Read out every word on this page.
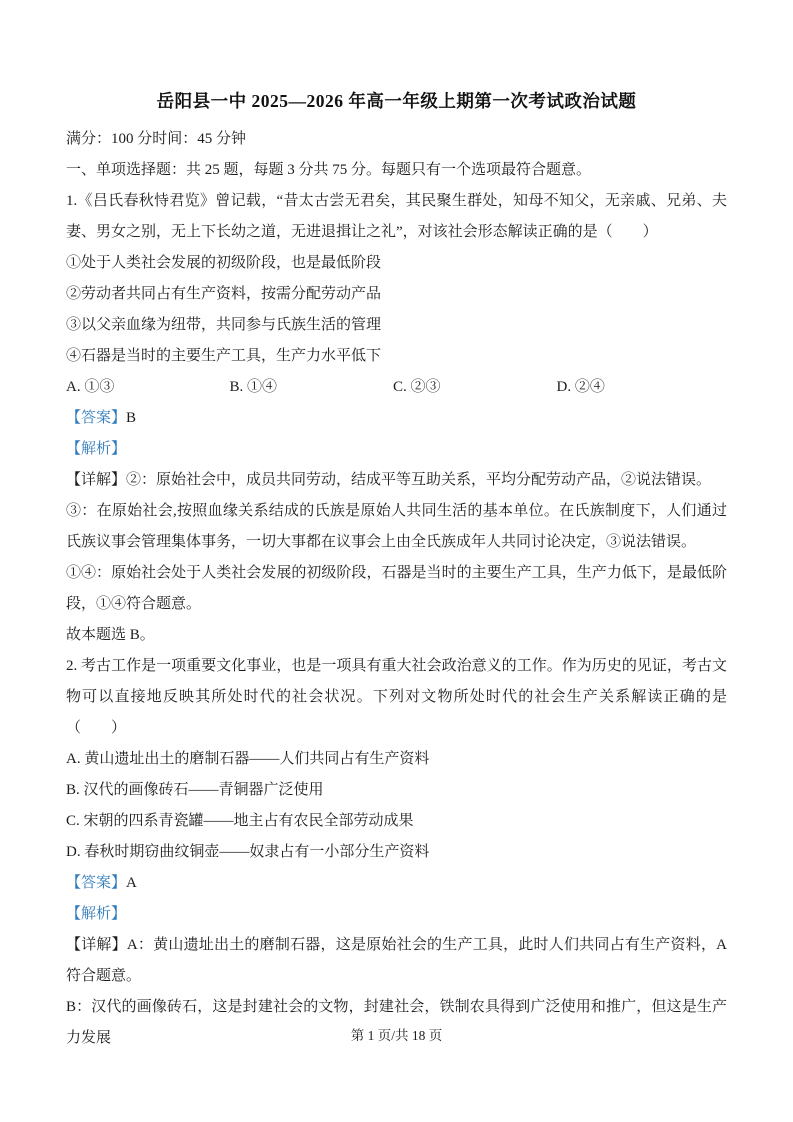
岳阳县一中 2025—2026 年高一年级上期第一次考试政治试题

满分：100 分时间：45 分钟

一、单项选择题：共 25 题，每题 3 分共 75 分。每题只有一个选项最符合题意。

1.《吕氏春秋恃君览》曾记载，“昔太古尝无君矣，其民聚生群处，知母不知父，无亲戚、兄弟、夫妻、男女之别，无上下长幼之道，无进退揖让之礼”，对该社会形态解读正确的是（　　）

①处于人类社会发展的初级阶段，也是最低阶段

②劳动者共同占有生产资料，按需分配劳动产品

③以父亲血缘为纽带，共同参与氏族生活的管理

④石器是当时的主要生产工具，生产力水平低下

A. ①③	B. ①④	C. ②③	D. ②④

【答案】B

【解析】

【详解】②：原始社会中，成员共同劳动，结成平等互助关系，平均分配劳动产品，②说法错误。

③：在原始社会,按照血缘关系结成的氏族是原始人共同生活的基本单位。在氏族制度下，人们通过氏族议事会管理集体事务，一切大事都在议事会上由全氏族成年人共同讨论决定，③说法错误。

①④：原始社会处于人类社会发展的初级阶段，石器是当时的主要生产工具，生产力低下，是最低阶段，①④符合题意。

故本题选 B。

2. 考古工作是一项重要文化事业，也是一项具有重大社会政治意义的工作。作为历史的见证，考古文物可以直接地反映其所处时代的社会状况。下列对文物所处时代的社会生产关系解读正确的是（　　）

A. 黄山遗址出土的磨制石器——人们共同占有生产资料

B. 汉代的画像砖石——青铜器广泛使用

C. 宋朝的四系青瓷罐——地主占有农民全部劳动成果

D. 春秋时期窃曲纹铜壶——奴隶占有一小部分生产资料

【答案】A

【解析】

【详解】A：黄山遗址出土的磨制石器，这是原始社会的生产工具，此时人们共同占有生产资料，A 符合题意。

B：汉代的画像砖石，这是封建社会的文物，封建社会，铁制农具得到广泛使用和推广，但这是生产力发展	第 1 页/共 18 页
